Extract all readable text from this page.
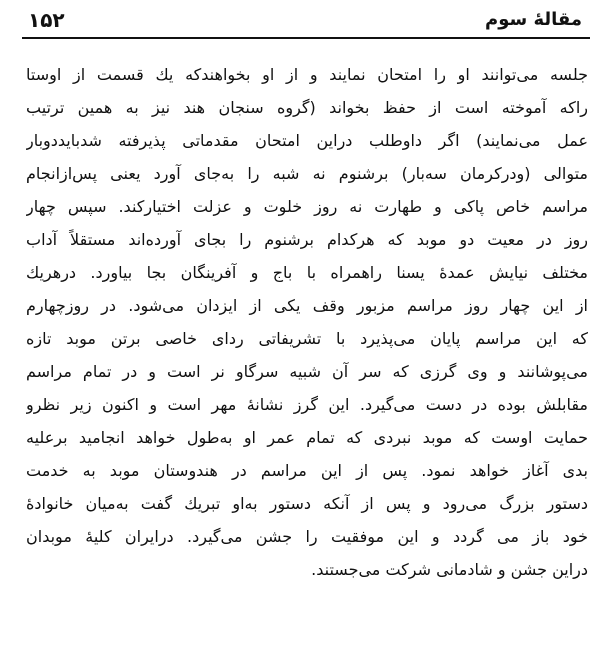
۱۵۲	مقالهٔ سوم
جلسه می‌توانند او را امتحان نمایند و از او بخواهندکه یك قسمت از اوستا
راکه آموخته است از حفظ بخواند (گروه سنجان هند نیز به همین ترتیب
عمل می‌نمایند) اگر داوطلب دراین امتحان مقدماتی پذیرفته شدبایددوبار
متوالی (ودرکرمان سه‌بار) برشنوم نه شبه را به‌جای آورد یعنی پس‌ازانجام
مراسم خاص پاکی و طهارت نه روز خلوت و عزلت اختیارکند. سپس چهار
روز در معیت دو موبد که هرکدام برشنوم را بجای آورده‌اند مستقلاً آداب
مختلف نیایش عمدهٔ یسنا راهمراه با باج و آفرینگان بجا بیاورد. درهریك
از این چهار روز مراسم مزبور وقف یکی از ایزدان می‌شود. در روزچهارم
که این مراسم پایان می‌پذیرد با تشریفاتی ردای خاصی برتن موبد تازه
می‌پوشانند و وی گرزی که سر آن شبیه سرگاو نر است و در تمام مراسم
مقابلش بوده در دست می‌گیرد. این گرز نشانهٔ مهر است و اکنون زیر نظرو
حمایت اوست که موبد نبردی که تمام عمر او به‌طول خواهد انجامید برعلیه
بدی آغاز خواهد نمود. پس از این مراسم در هندوستان موبد به خدمت
دستور بزرگ می‌رود و پس از آنکه دستور به‌او تبریك گفت به‌میان خانوادهٔ
خود باز می گردد و این موفقیت را جشن می‌گیرد. درایران کلیهٔ موبدان
دراین جشن و شادمانی شرکت می‌جستند.
